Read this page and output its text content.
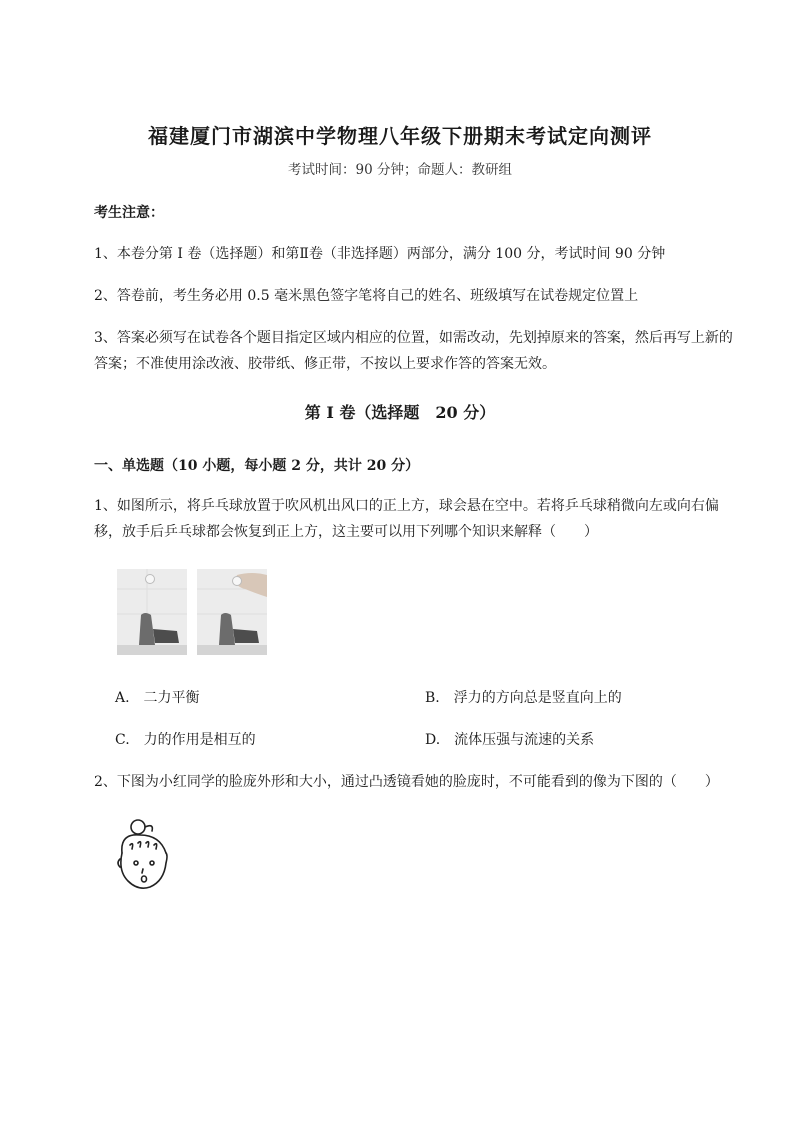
福建厦门市湖滨中学物理八年级下册期末考试定向测评
考试时间：90 分钟；命题人：教研组
考生注意：
1、本卷分第 I 卷（选择题）和第Ⅱ卷（非选择题）两部分，满分 100 分，考试时间 90 分钟
2、答卷前，考生务必用 0.5 毫米黑色签字笔将自己的姓名、班级填写在试卷规定位置上
3、答案必须写在试卷各个题目指定区域内相应的位置，如需改动，先划掉原来的答案，然后再写上新的答案；不准使用涂改液、胶带纸、修正带，不按以上要求作答的答案无效。
第 I 卷（选择题　20 分）
一、单选题（10 小题，每小题 2 分，共计 20 分）
1、如图所示，将乒乓球放置于吹风机出风口的正上方，球会悬在空中。若将乒乓球稍微向左或向右偏移，放手后乒乓球都会恢复到正上方，这主要可以用下列哪个知识来解释（　　）
A.　二力平衡	B.　浮力的方向总是竖直向上的
C.　力的作用是相互的	D.　流体压强与流速的关系
2、下图为小红同学的脸庞外形和大小，通过凸透镜看她的脸庞时，不可能看到的像为下图的（　　）
